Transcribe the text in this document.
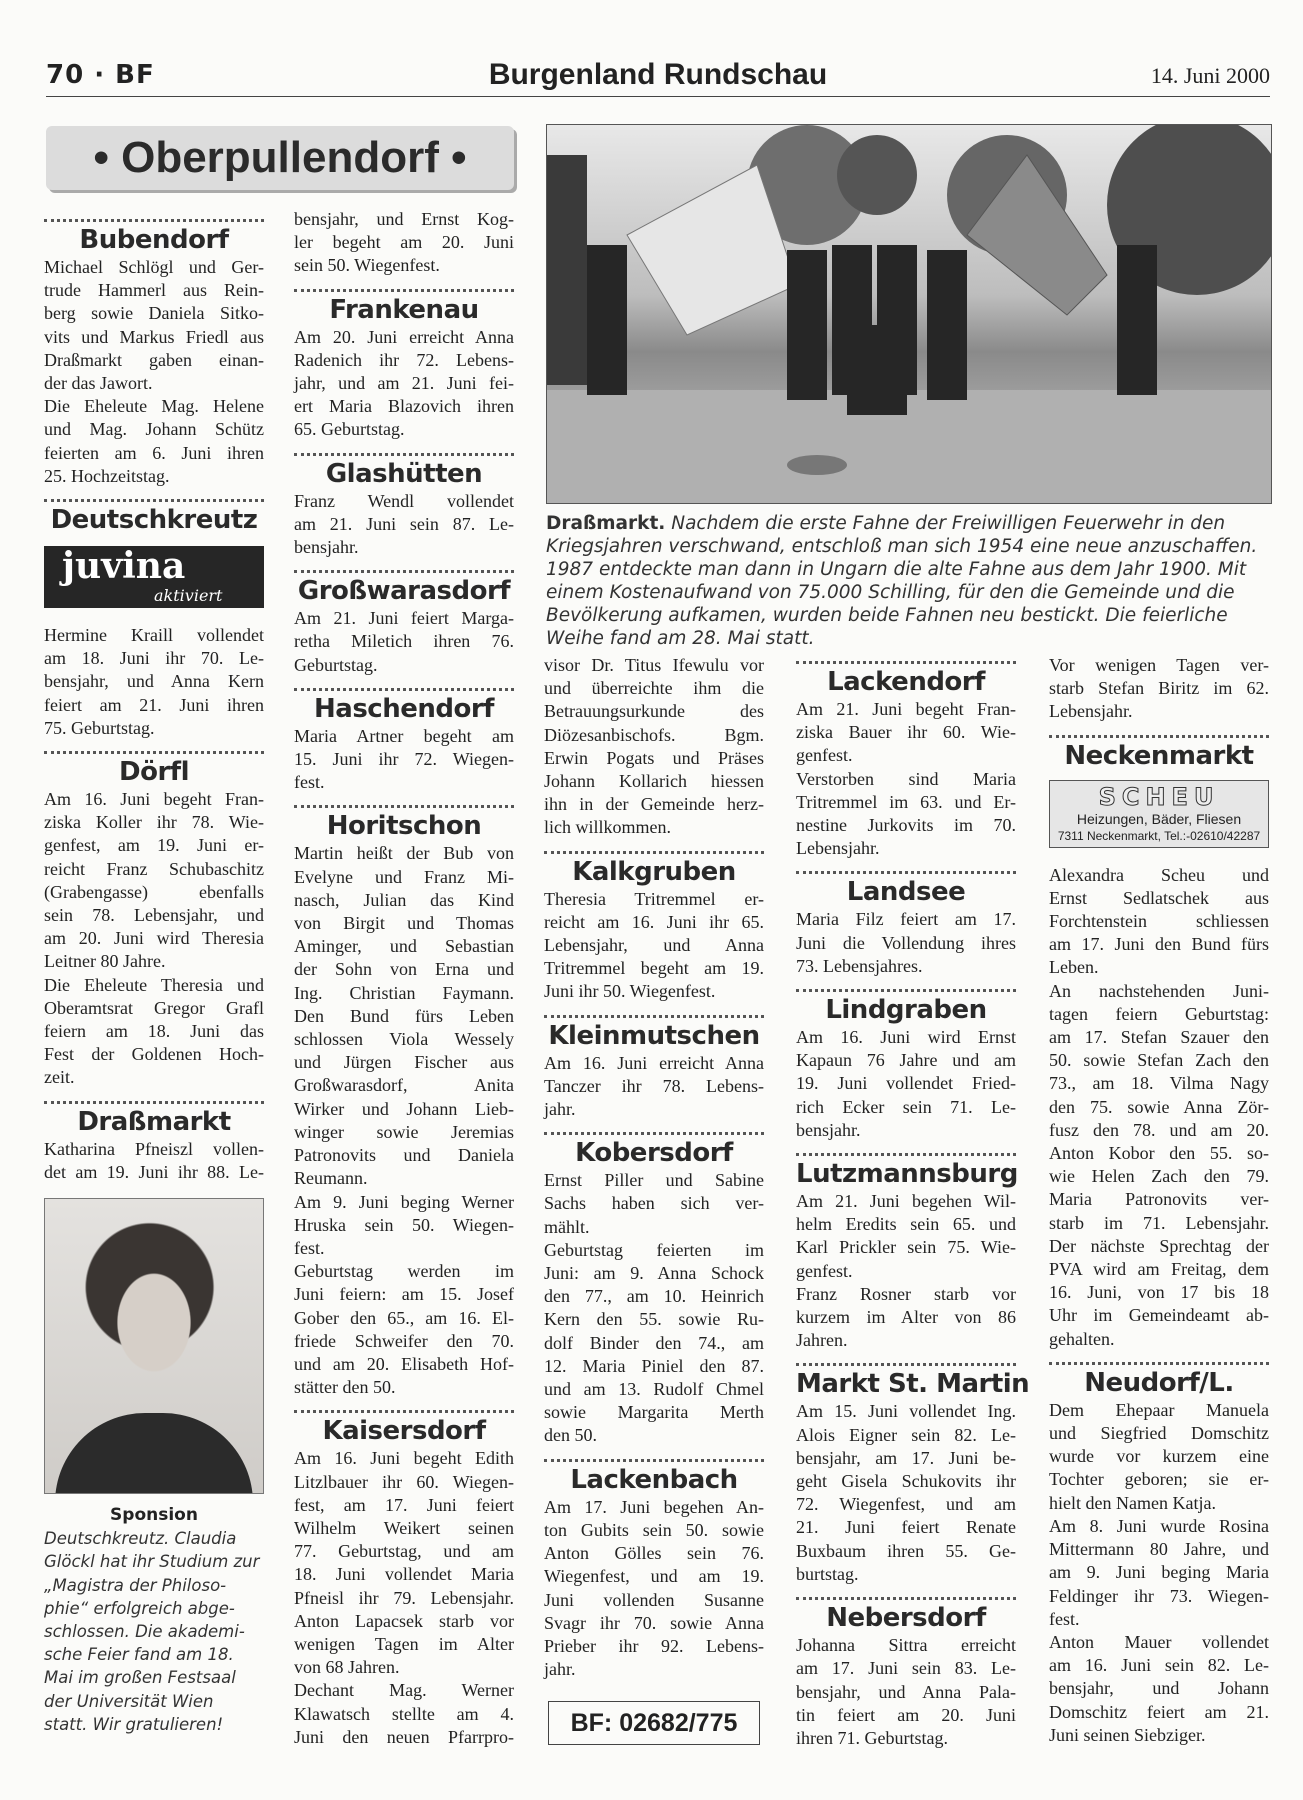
70 · BF	Burgenland Rundschau	14. Juni 2000
• Oberpullendorf •
Draßmarkt. Nachdem die erste Fahne der Freiwilligen Feuerwehr in den Kriegsjahren verschwand, entschloß man sich 1954 eine neue anzuschaffen. 1987 entdeckte man dann in Ungarn die alte Fahne aus dem Jahr 1900. Mit einem Kostenaufwand von 75.000 Schilling, für den die Gemeinde und die Bevölkerung aufkamen, wurden beide Fahnen neu bestickt. Die feierliche Weihe fand am 28. Mai statt.
Bubendorf
Michael Schlögl und Ger-
trude Hammerl aus Rein-
berg sowie Daniela Sitko-
vits und Markus Friedl aus
Draßmarkt gaben einan-
der das Jawort.
Die Eheleute Mag. Helene
und Mag. Johann Schütz
feierten am 6. Juni ihren
25. Hochzeitstag.
Deutschkreutz
juvina
aktiviert
Hermine Kraill vollendet
am 18. Juni ihr 70. Le-
bensjahr, und Anna Kern
feiert am 21. Juni ihren
75. Geburtstag.
Dörfl
Am 16. Juni begeht Fran-
ziska Koller ihr 78. Wie-
genfest, am 19. Juni er-
reicht Franz Schubaschitz
(Grabengasse) ebenfalls
sein 78. Lebensjahr, und
am 20. Juni wird Theresia
Leitner 80 Jahre.
Die Eheleute Theresia und
Oberamtsrat Gregor Grafl
feiern am 18. Juni das
Fest der Goldenen Hoch-
zeit.
Draßmarkt
Katharina Pfneiszl vollen-
det am 19. Juni ihr 88. Le-
Sponsion
Deutschkreutz. Claudia
Glöckl hat ihr Studium zur
„Magistra der Philoso-
phie“ erfolgreich abge-
schlossen. Die akademi-
sche Feier fand am 18.
Mai im großen Festsaal
der Universität Wien
statt. Wir gratulieren!
bensjahr, und Ernst Kog-
ler begeht am 20. Juni
sein 50. Wiegenfest.
Frankenau
Am 20. Juni erreicht Anna
Radenich ihr 72. Lebens-
jahr, und am 21. Juni fei-
ert Maria Blazovich ihren
65. Geburtstag.
Glashütten
Franz Wendl vollendet
am 21. Juni sein 87. Le-
bensjahr.
Großwarasdorf
Am 21. Juni feiert Marga-
retha Miletich ihren 76.
Geburtstag.
Haschendorf
Maria Artner begeht am
15. Juni ihr 72. Wiegen-
fest.
Horitschon
Martin heißt der Bub von
Evelyne und Franz Mi-
nasch, Julian das Kind
von Birgit und Thomas
Aminger, und Sebastian
der Sohn von Erna und
Ing. Christian Faymann.
Den Bund fürs Leben
schlossen Viola Wessely
und Jürgen Fischer aus
Großwarasdorf, Anita
Wirker und Johann Lieb-
winger sowie Jeremias
Patronovits und Daniela
Reumann.
Am 9. Juni beging Werner
Hruska sein 50. Wiegen-
fest.
Geburtstag werden im
Juni feiern: am 15. Josef
Gober den 65., am 16. El-
friede Schweifer den 70.
und am 20. Elisabeth Hof-
stätter den 50.
Kaisersdorf
Am 16. Juni begeht Edith
Litzlbauer ihr 60. Wiegen-
fest, am 17. Juni feiert
Wilhelm Weikert seinen
77. Geburtstag, und am
18. Juni vollendet Maria
Pfneisl ihr 79. Lebensjahr.
Anton Lapacsek starb vor
wenigen Tagen im Alter
von 68 Jahren.
Dechant Mag. Werner
Klawatsch stellte am 4.
Juni den neuen Pfarrpro-
visor Dr. Titus Ifewulu vor
und überreichte ihm die
Betrauungsurkunde des
Diözesanbischofs. Bgm.
Erwin Pogats und Präses
Johann Kollarich hiessen
ihn in der Gemeinde herz-
lich willkommen.
Kalkgruben
Theresia Tritremmel er-
reicht am 16. Juni ihr 65.
Lebensjahr, und Anna
Tritremmel begeht am 19.
Juni ihr 50. Wiegenfest.
Kleinmutschen
Am 16. Juni erreicht Anna
Tanczer ihr 78. Lebens-
jahr.
Kobersdorf
Ernst Piller und Sabine
Sachs haben sich ver-
mählt.
Geburtstag feierten im
Juni: am 9. Anna Schock
den 77., am 10. Heinrich
Kern den 55. sowie Ru-
dolf Binder den 74., am
12. Maria Piniel den 87.
und am 13. Rudolf Chmel
sowie Margarita Merth
den 50.
Lackenbach
Am 17. Juni begehen An-
ton Gubits sein 50. sowie
Anton Gölles sein 76.
Wiegenfest, und am 19.
Juni vollenden Susanne
Svagr ihr 70. sowie Anna
Prieber ihr 92. Lebens-
jahr.
BF: 02682/775
Lackendorf
Am 21. Juni begeht Fran-
ziska Bauer ihr 60. Wie-
genfest.
Verstorben sind Maria
Tritremmel im 63. und Er-
nestine Jurkovits im 70.
Lebensjahr.
Landsee
Maria Filz feiert am 17.
Juni die Vollendung ihres
73. Lebensjahres.
Lindgraben
Am 16. Juni wird Ernst
Kapaun 76 Jahre und am
19. Juni vollendet Fried-
rich Ecker sein 71. Le-
bensjahr.
Lutzmannsburg
Am 21. Juni begehen Wil-
helm Eredits sein 65. und
Karl Prickler sein 75. Wie-
genfest.
Franz Rosner starb vor
kurzem im Alter von 86
Jahren.
Markt St. Martin
Am 15. Juni vollendet Ing.
Alois Eigner sein 82. Le-
bensjahr, am 17. Juni be-
geht Gisela Schukovits ihr
72. Wiegenfest, und am
21. Juni feiert Renate
Buxbaum ihren 55. Ge-
burtstag.
Nebersdorf
Johanna Sittra erreicht
am 17. Juni sein 83. Le-
bensjahr, und Anna Pala-
tin feiert am 20. Juni
ihren 71. Geburtstag.
Vor wenigen Tagen ver-
starb Stefan Biritz im 62.
Lebensjahr.
Neckenmarkt
SCHEU
Heizungen, Bäder, Fliesen
7311 Neckenmarkt, Tel.:-02610/42287
Alexandra Scheu und
Ernst Sedlatschek aus
Forchtenstein schliessen
am 17. Juni den Bund fürs
Leben.
An nachstehenden Juni-
tagen feiern Geburtstag:
am 17. Stefan Szauer den
50. sowie Stefan Zach den
73., am 18. Vilma Nagy
den 75. sowie Anna Zör-
fusz den 78. und am 20.
Anton Kobor den 55. so-
wie Helen Zach den 79.
Maria Patronovits ver-
starb im 71. Lebensjahr.
Der nächste Sprechtag der
PVA wird am Freitag, dem
16. Juni, von 17 bis 18
Uhr im Gemeindeamt ab-
gehalten.
Neudorf/L.
Dem Ehepaar Manuela
und Siegfried Domschitz
wurde vor kurzem eine
Tochter geboren; sie er-
hielt den Namen Katja.
Am 8. Juni wurde Rosina
Mittermann 80 Jahre, und
am 9. Juni beging Maria
Feldinger ihr 73. Wiegen-
fest.
Anton Mauer vollendet
am 16. Juni sein 82. Le-
bensjahr, und Johann
Domschitz feiert am 21.
Juni seinen Siebziger.
